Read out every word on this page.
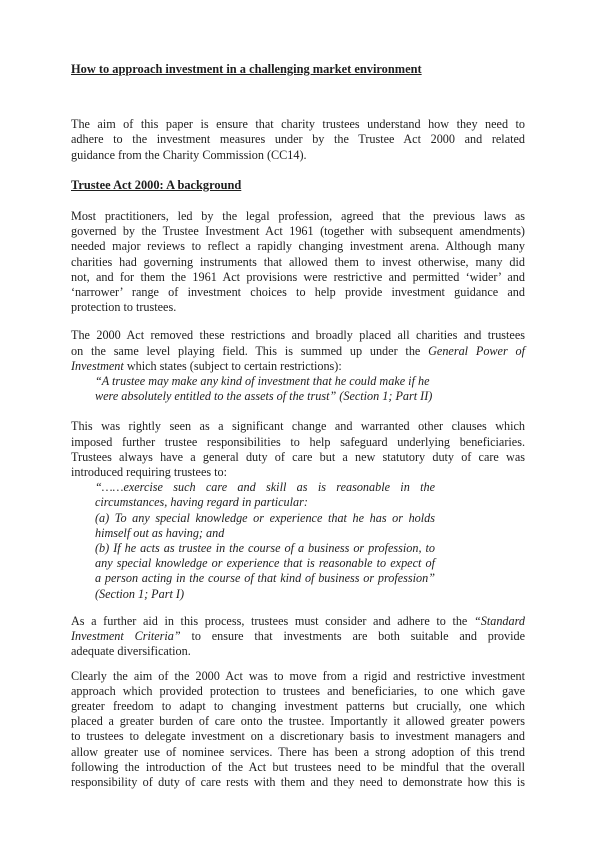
How to approach investment in a challenging market environment

The aim of this paper is ensure that charity trustees understand how they need to
adhere to the investment measures under by the Trustee Act 2000 and related
guidance from the Charity Commission (CC14).

Trustee Act 2000: A background

Most practitioners, led by the legal profession, agreed that the previous laws as
governed by the Trustee Investment Act 1961 (together with subsequent amendments)
needed major reviews to reflect a rapidly changing investment arena. Although many
charities had governing instruments that allowed them to invest otherwise, many did
not, and for them the 1961 Act provisions were restrictive and permitted ‘wider’ and
‘narrower’ range of investment choices to help provide investment guidance and
protection to trustees.

The 2000 Act removed these restrictions and broadly placed all charities and trustees
on the same level playing field. This is summed up under the General Power of
Investment which states (subject to certain restrictions):

“A trustee may make any kind of investment that he could make if he
were absolutely entitled to the assets of the trust” (Section 1; Part II)

This was rightly seen as a significant change and warranted other clauses which
imposed further trustee responsibilities to help safeguard underlying beneficiaries.
Trustees always have a general duty of care but a new statutory duty of care was
introduced requiring trustees to:

“……exercise such care and skill as is reasonable in the
circumstances, having regard in particular:
(a) To any special knowledge or experience that he has or holds
himself out as having; and
(b) If he acts as trustee in the course of a business or profession, to
any special knowledge or experience that is reasonable to expect of
a person acting in the course of that kind of business or profession”
(Section 1; Part I)

As a further aid in this process, trustees must consider and adhere to the “Standard
Investment Criteria” to ensure that investments are both suitable and provide
adequate diversification.

Clearly the aim of the 2000 Act was to move from a rigid and restrictive investment
approach which provided protection to trustees and beneficiaries, to one which gave
greater freedom to adapt to changing investment patterns but crucially, one which
placed a greater burden of care onto the trustee. Importantly it allowed greater powers
to trustees to delegate investment on a discretionary basis to investment managers and
allow greater use of nominee services. There has been a strong adoption of this trend
following the introduction of the Act but trustees need to be mindful that the overall
responsibility of duty of care rests with them and they need to demonstrate how this is
